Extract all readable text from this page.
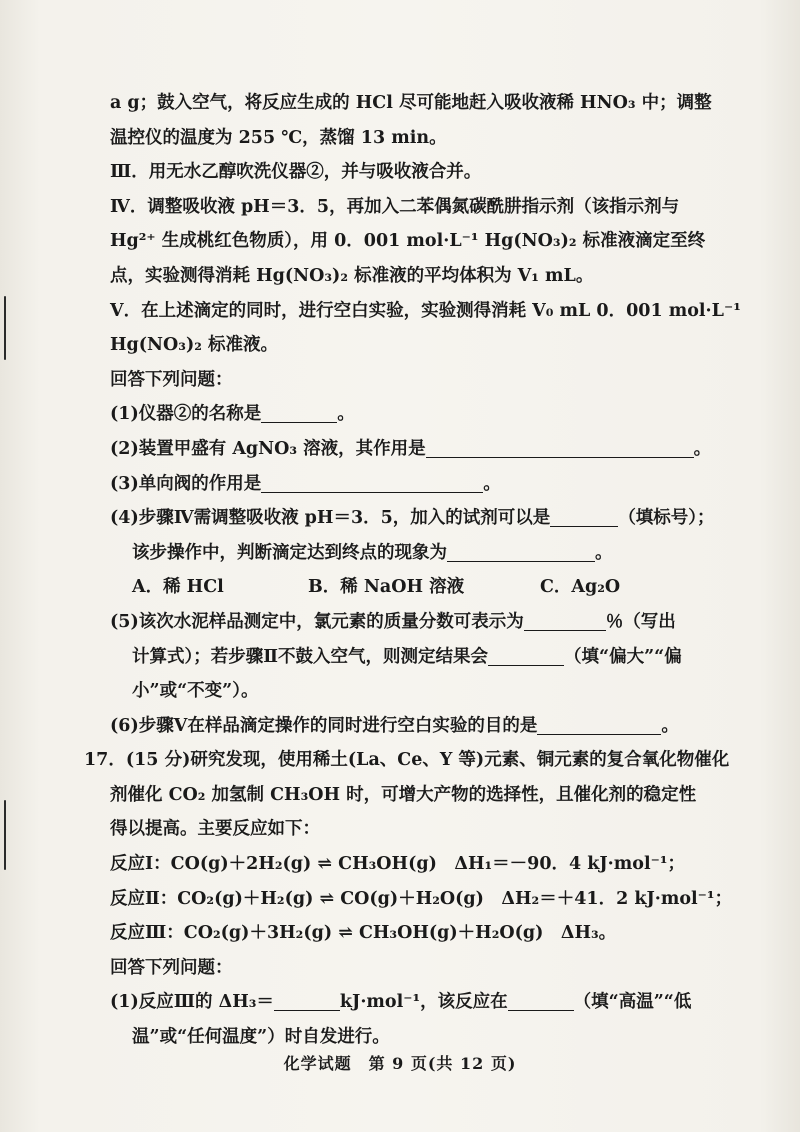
a g；鼓入空气，将反应生成的 HCl 尽可能地赶入吸收液稀 HNO₃ 中；调整
温控仪的温度为 255 ℃，蒸馏 13 min。
Ⅲ．用无水乙醇吹洗仪器②，并与吸收液合并。
Ⅳ．调整吸收液 pH＝3．5，再加入二苯偶氮碳酰肼指示剂（该指示剂与
Hg²⁺ 生成桃红色物质），用 0．001 mol·L⁻¹ Hg(NO₃)₂ 标准液滴定至终
点，实验测得消耗 Hg(NO₃)₂ 标准液的平均体积为 V₁ mL。
Ⅴ．在上述滴定的同时，进行空白实验，实验测得消耗 V₀ mL 0．001 mol·L⁻¹
Hg(NO₃)₂ 标准液。
回答下列问题：
(1)仪器②的名称是	。
(2)装置甲盛有 AgNO₃ 溶液，其作用是	。
(3)单向阀的作用是	。
(4)步骤Ⅳ需调整吸收液 pH＝3．5，加入的试剂可以是	（填标号）；
该步操作中，判断滴定达到终点的现象为	。
A．稀 HCl	B．稀 NaOH 溶液	C．Ag₂O
(5)该次水泥样品测定中，氯元素的质量分数可表示为	％（写出
计算式）；若步骤Ⅱ不鼓入空气，则测定结果会	（填“偏大”“偏
小”或“不变”）。
(6)步骤Ⅴ在样品滴定操作的同时进行空白实验的目的是	。
17．(15 分)研究发现，使用稀土(La、Ce、Y 等)元素、铜元素的复合氧化物催化
剂催化 CO₂ 加氢制 CH₃OH 时，可增大产物的选择性，且催化剂的稳定性
得以提高。主要反应如下：
反应Ⅰ：CO(g)＋2H₂(g) ⇌ CH₃OH(g)　ΔH₁＝－90．4 kJ·mol⁻¹；
反应Ⅱ：CO₂(g)＋H₂(g) ⇌ CO(g)＋H₂O(g)　ΔH₂＝＋41．2 kJ·mol⁻¹；
反应Ⅲ：CO₂(g)＋3H₂(g) ⇌ CH₃OH(g)＋H₂O(g)　ΔH₃。
回答下列问题：
(1)反应Ⅲ的 ΔH₃＝	kJ·mol⁻¹，该反应在	（填“高温”“低
温”或“任何温度”）时自发进行。
化学试题　第 9 页(共 12 页)
